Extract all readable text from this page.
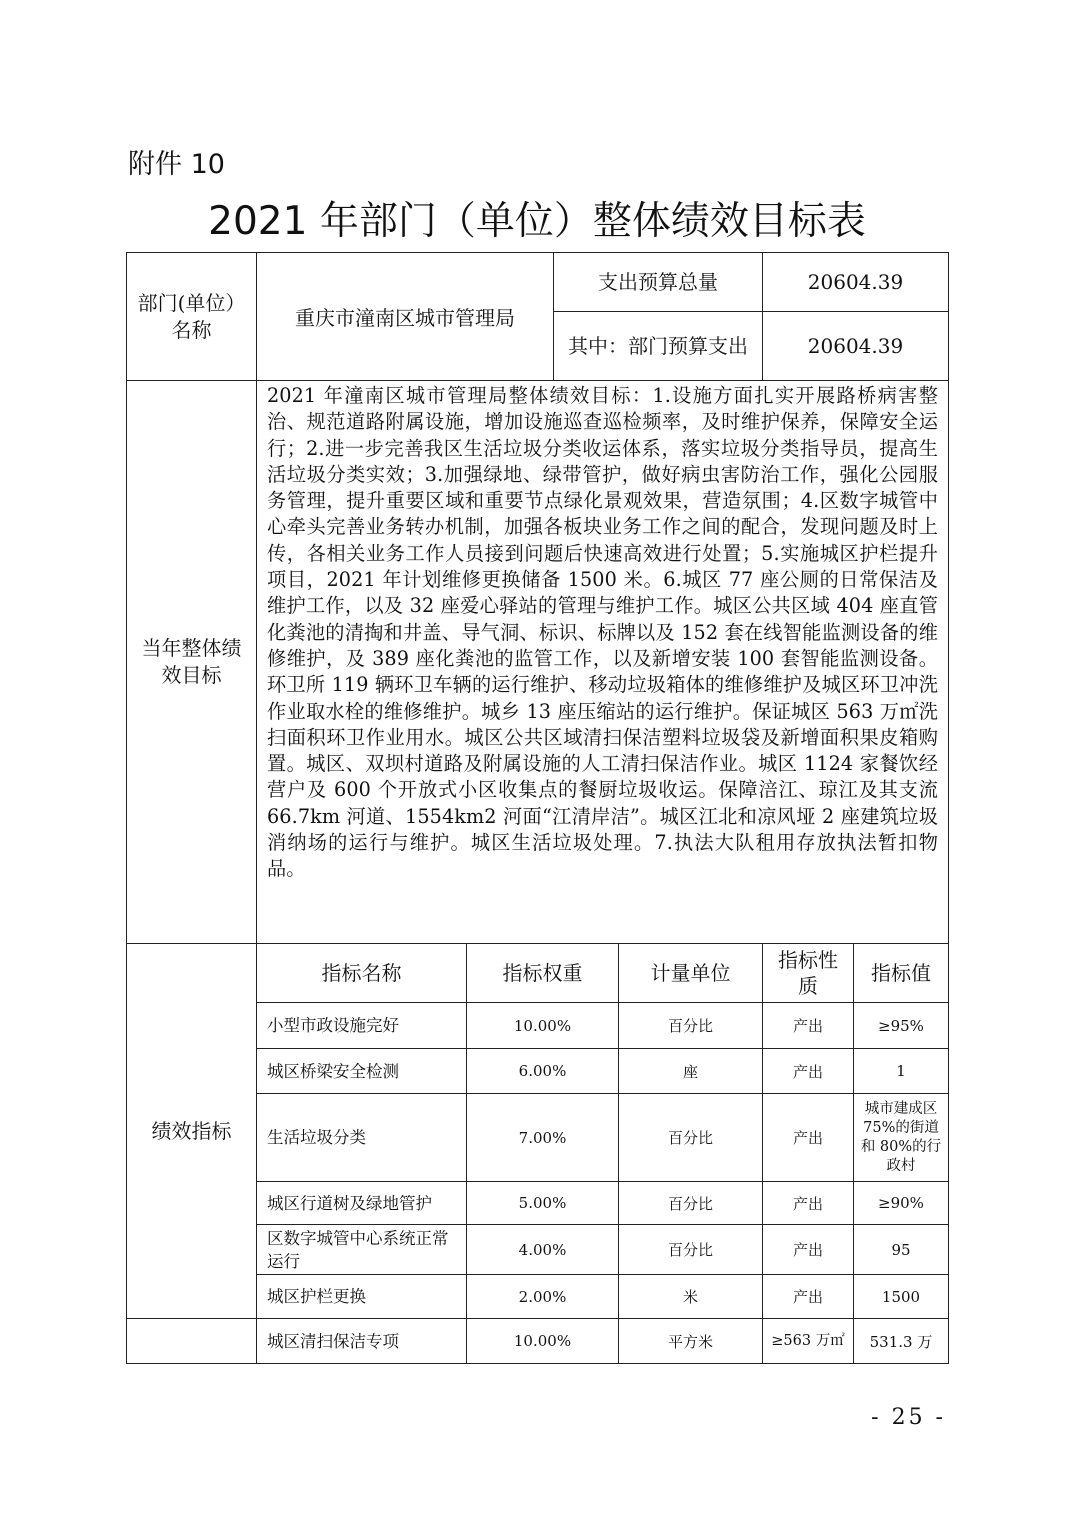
附件 10
2021 年部门（单位）整体绩效目标表
部门(单位）名称	重庆市潼南区城市管理局		支出预算总量		20604.39	
			其中：部门预算支出		20604.39	
当年整体绩效目标	2021 年潼南区城市管理局整体绩效目标：1.设施方面扎实开展路桥病害整治、规范道路附属设施，增加设施巡查巡检频率，及时维护保养，保障安全运行；2.进一步完善我区生活垃圾分类收运体系，落实垃圾分类指导员，提高生活垃圾分类实效；3.加强绿地、绿带管护，做好病虫害防治工作，强化公园服务管理，提升重要区域和重要节点绿化景观效果，营造氛围；4.区数字城管中心牵头完善业务转办机制，加强各板块业务工作之间的配合，发现问题及时上传，各相关业务工作人员接到问题后快速高效进行处置；5.实施城区护栏提升项目，2021 年计划维修更换储备 1500 米。6.城区 77 座公厕的日常保洁及维护工作，以及 32 座爱心驿站的管理与维护工作。城区公共区域 404 座直管化粪池的清掏和井盖、导气洞、标识、标牌以及 152 套在线智能监测设备的维修维护，及 389 座化粪池的监管工作，以及新增安装 100 套智能监测设备。环卫所 119 辆环卫车辆的运行维护、移动垃圾箱体的维修维护及城区环卫冲洗作业取水栓的维修维护。城乡 13 座压缩站的运行维护。保证城区 563 万㎡洗扫面积环卫作业用水。城区公共区域清扫保洁塑料垃圾袋及新增面积果皮箱购置。城区、双坝村道路及附属设施的人工清扫保洁作业。城区 1124 家餐饮经营户及 600 个开放式小区收集点的餐厨垃圾收运。保障涪江、琼江及其支流 66.7km 河道、1554km2 河面“江清岸洁”。城区江北和凉风垭 2 座建筑垃圾消纳场的运行与维护。城区生活垃圾处理。7.执法大队租用存放执法暂扣物品。					
绩效指标	指标名称	指标权重		计量单位	指标性质	指标值
	小型市政设施完好	10.00%		百分比	产出	≥95%
	城区桥梁安全检测	6.00%		座	产出	1
	生活垃圾分类	7.00%		百分比	产出	城市建成区 75%的街道和 80%的行政村
	城区行道树及绿地管护	5.00%		百分比	产出	≥90%
	区数字城管中心系统正常运行	4.00%		百分比	产出	95
	城区护栏更换	2.00%		米	产出	1500
	城区清扫保洁专项	10.00%		平方米	≥563 万㎡	531.3 万
- 25 -
